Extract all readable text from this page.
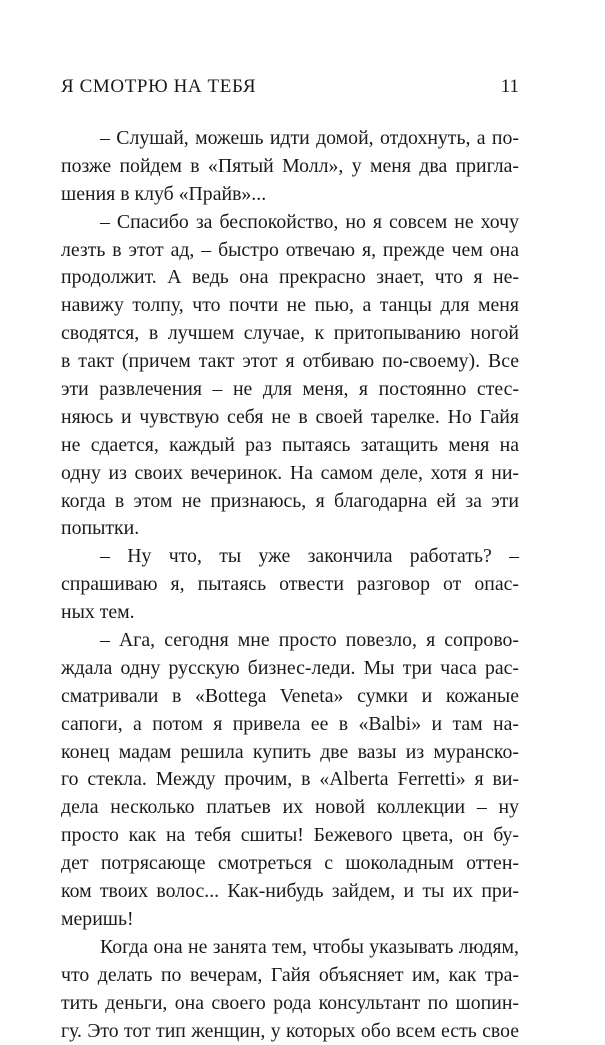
Я СМОТРЮ НА ТЕБЯ	11
– Слушай, можешь идти домой, отдохнуть, а по-
позже пойдем в «Пятый Молл», у меня два пригла-
шения в клуб «Прайв»...
– Спасибо за беспокойство, но я совсем не хочу
лезть в этот ад, – быстро отвечаю я, прежде чем она
продолжит. А ведь она прекрасно знает, что я не-
навижу толпу, что почти не пью, а танцы для меня
сводятся, в лучшем случае, к притопыванию ногой
в такт (причем такт этот я отбиваю по-своему). Все
эти развлечения – не для меня, я постоянно стес-
няюсь и чувствую себя не в своей тарелке. Но Гайя
не сдается, каждый раз пытаясь затащить меня на
одну из своих вечеринок. На самом деле, хотя я ни-
когда в этом не признаюсь, я благодарна ей за эти
попытки.
– Ну что, ты уже закончила работать? –
спрашиваю я, пытаясь отвести разговор от опас-
ных тем.
– Ага, сегодня мне просто повезло, я сопрово-
ждала одну русскую бизнес-леди. Мы три часа рас-
сматривали в «Bottega Veneta» сумки и кожаные
сапоги, а потом я привела ее в «Balbi» и там на-
конец мадам решила купить две вазы из муранско-
го стекла. Между прочим, в «Alberta Ferretti» я ви-
дела несколько платьев их новой коллекции – ну
просто как на тебя сшиты! Бежевого цвета, он бу-
дет потрясающе смотреться с шоколадным оттен-
ком твоих волос... Как-нибудь зайдем, и ты их при-
меришь!
Когда она не занята тем, чтобы указывать людям,
что делать по вечерам, Гайя объясняет им, как тра-
тить деньги, она своего рода консультант по шопин-
гу. Это тот тип женщин, у которых обо всем есть свое
